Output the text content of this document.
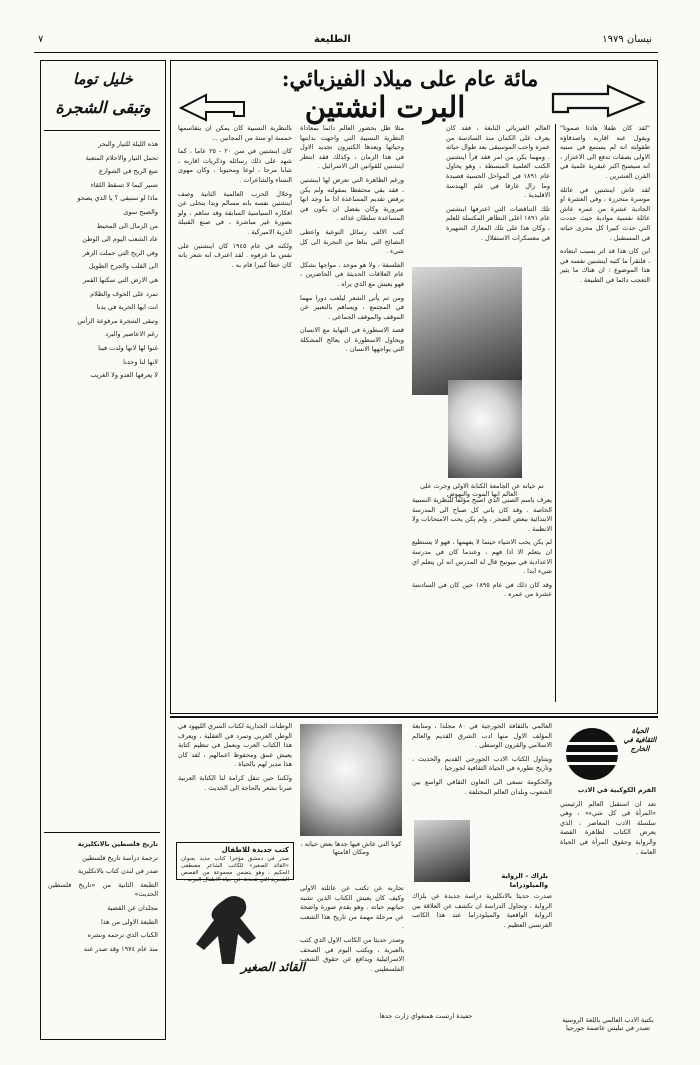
نيسان ١٩٧٩
الطليعة
٧
مائة عام على ميلاد الفيزيائي:
البرت انشتين

"لقد كان طفلا هادئا صموتا" ويقول عنه اقاربه واصدقاؤه طفولته انه لم يستمع في سنيه الاولى بصفات تدفع الى الاعتزاز ، انه سيصبح اكبر عبقرية علمية في القرن العشرين .

لقد عاش اينشتين في عائلة موسرة متحررة ، وفي العشرة او الحادية عشرة من عمره عاش عائلة نفسية موادية حيث حددت التي حدث كبيرا كل مجرى حياته في المستقبل .

اين كان هذا قد اثر بسبب ابتعاده ، فلنقرأ ما كتبه اينشتين نفسه في هذا الموضوع : ان هناك ما يثير التعجب دائما في الطبيعة .

العالم الفيزيائي النابغة ، فقد كان يعرف على الكمان منذ السادسة من عمره واحب الموسيقى بعد طوال حياته . ومهما يكن من امر فقد قرأ اينشتين الكتب العلمية المبسطة ، وهو يحاول عام ١٨٩١ في المواحل الحسية قصيدة وما زال غارقا في علم الهندسة الاقليدية .

تلك التناقضات التي اعترفها اينشتين عام ١٨٩١ اعلى النظاهر المكتملة للعلم ، وكان هذا على تلك المعارك الشهيرة في معسكرات الاستقلال .

تم حياته عن الجامعة الكتابة الاولى وجرت على العالم انها الموت والنهوض

يعرف باسم الصبي الذي اصبح مؤلفا للنظرية النسبية الخاصة . وقد كان ياتي كل صباح الى المدرسة الابتدائية ببعض الضجر ، ولم يكن يحب الامتحانات ولا الانظمة .

لم يكن يحب الاشياء حينما لا يفهمها ، فهو لا يستطيع ان يتعلم الا اذا فهم ، وعندما كان في مدرسة الاعدادية في ميونيخ قال له المدرس انه لن يتعلم اي شيء ابدا .

وقد كان ذلك في عام ١٨٩٥ حين كان في السادسة عشرة من عمره .

مثلا ظل بحضور العالم دائما بمعاداة النظرية النسبية التي واجهت بدايتها وحياتها ويعدها الكثيرون تجديد الاول في هذا الزمان ، وكذلك فقد انتظر اينشتين للقوانين الى الاسرائيل .

ورغم الظاهرة التي تعرض لها اينشتين ، فقد بقي محتفظا بمقولته ولم يكن يرفض تقديم المساعدة اذا ما وجد انها ضرورية وكان يفضل ان يكون في المساعدة سلطان غذائه .

كتب الالف رسائل النوعية واعطى النصائح التي بناها من التجربة الى كل شيء .

الفلسفة ، ولا هو موحد ، مواجها بشكل عام العلاقات الحديثة في الحاضرين ، فهو يعيش مع الذي يراه .

ومن ثم يأتي الشعر ليلعب دورا مهما في المجتمع ، ويساهم بالتعبير عن الموقف والموقف الجماعي .

قصد الاسطورة في النهاية مع الانسان ويحاول الاسطورة ان يعالج المشكلة التي يواجهها الانسان .

بالنظرية النسبية كان يمكن ان يتقاسمها خمسة او ستة من المجانين ...

كان اينشتين في سن ٢٠ - ٢٥ عاما ، كما شهد على ذلك رسائله وذكريات اقاربه ، شابا مرحا ، لوعا ومحبوبا ، وكان مهوى النساء والشاعرات .

وخلال الحرب العالمية الثانية وصف اينشتين نفسه بانه مسالم وبدا يتخلى عن افكاره السياسية السابقة وقد ساهم ، ولو بصورة غير مباشرة ، في صنع القنبلة الذرية الاميركية .

ولكنه في عام ١٩٤٥ كان اينشتين على نفس ما عرفوه . لقد اعترف انه شعر بانه كان خطأ كبيرا قام به .

العالمي بالثقافة الجورجية في ٨٠ مجلدا ، ومتابعة المؤلف الاول منها ادب الشرق القديم والعالم الاسلامي والقرون الوسطى .

ويتناول الكتاب الادب الجورجي القديم والحديث ، وتاريخ تطوره في الحياة الثقافية لجورجيا .

والحكومة تسعى الى التعاون الثقافي الواسع بين الشعوب وبلدان العالم المختلفة .

كوبا التي عاش فيها جدها بعض حياته ، ومكان اقامتها

الوطنات الجدارية لكتاب السري الليهود في الوطن العربي وتمرد في العقلية ، ويعرف هذا الكتاب العرب ويعمل في تنظيم كتابة يعيش عمق ومحفوظ اعمالهم ، لقد كان هذا مدير لهم بالحياة .

ولكننا حين تنقل كرامة لنا الكتابة العربية صرنا نشعر بالحاجة الى الحديث .

كتب جديدة للاطفال
صدر في دمشق مؤخرا كتاب جديد بعنوان «القائد الصغير» للكاتب الشاعر مصطفى الحكيم ، وهو يتضمن مجموعة من القصص الشعرية التي تتحدث عن حياة الاطفال العرب .
القائد الصغير

تجاربه عن تكتب عن عائلته الاولى وكيف كان يعيش الكتاب الذين تشبه حياتهم حياته . وهو يقدم صورة واضحة عن مرحلة مهمة من تاريخ هذا الشعب .

وصدر حديثا من الكاتب الاول الذي كتب بالعبرية ، ويكتب اليوم في الصحف الاسرائيلية ويدافع عن حقوق الشعب الفلسطيني .

بلزاك – الرواية والميلودراما
صدرت حديثا بالانكليزية دراسة جديدة عن بلزاك الرواية ، وتحاول الدراسة ان تكشف عن العلاقة بين الرواية الواقعية والميلودراما عند هذا الكاتب الفرنسي العظيم .
حفيدة ارنست همنغواي زارت جدها
الحياة الثقافية في الخارج

القرم الكوكبية في الادب

تعد ان استقبل العالم الرئيسي «المرأة في كل شيء» ، وهي سلسلة الادب المعاصر ، الذي يعرض الكتاب لظاهرة القصة والرواية وحقوق المرأة في الحياة العامة .

بكتبة الادب العالمي باللغة الروسية تصدر في تبليس عاصمة جورجيا
خليل توما
وتبقى الشجرة

هذه الليلة للتيار والبحر

تحمل التيار والاحلام المتعبة

تتبع الريح في الشوارع

تسير كيما لا تسقط اللقاء

ماذا لو ستبقى ؟ يا الذي يصحو

والصبح سوى

من الرمال الى المحيط

عاد الشعب اليوم الى الوطن

وفي الريح التي حملت الزهر

الى القلب والجرح الطويل

هي الارض التي سكنها القمر

تمرد على الخوف والظلام

انت ايها الحرية في يدنا

وتبقى الشجرة مرفوعة الرأس

رغم الاعاصير والبرد

غنوا لها لانها ولدت فينا

لانها لنا وحدنا

لا يعرفها العدو ولا الغريب

تاريخ فلسطين بالانكليزية

ترجمة دراسة تاريخ فلسطين

صدر في لندن كتاب بالانكليزية

الطبعة الثانية من «تاريخ فلسطين الحديث»

مجلدان عن القضية

الطبعة الاولى من هذا

الكتاب الذي ترجمه ونشره

منذ عام ١٩٧٤ وقد صدر عنه
